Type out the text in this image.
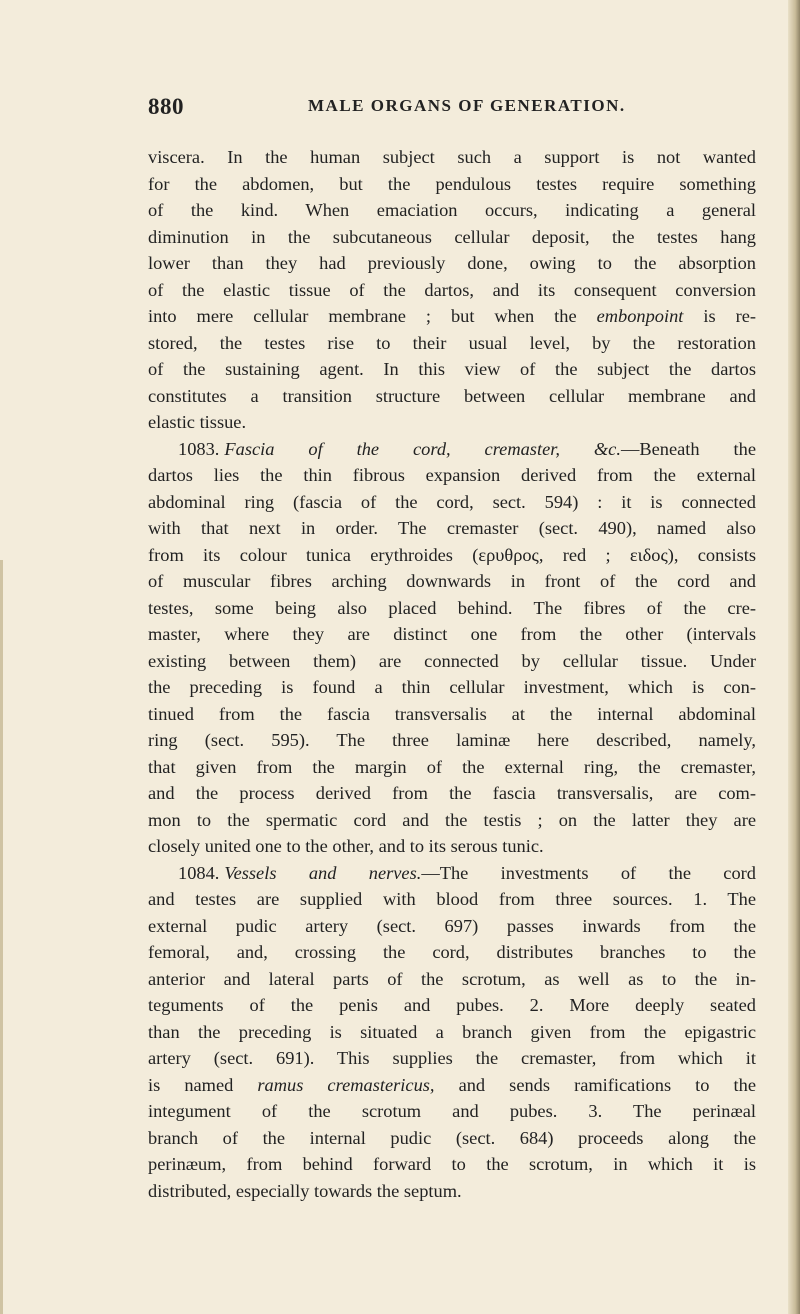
880	MALE ORGANS OF GENERATION.
viscera. In the human subject such a support is not wanted
for the abdomen, but the pendulous testes require something
of the kind. When emaciation occurs, indicating a general
diminution in the subcutaneous cellular deposit, the testes hang
lower than they had previously done, owing to the absorption
of the elastic tissue of the dartos, and its consequent conversion
into mere cellular membrane ; but when the embonpoint is re-
stored, the testes rise to their usual level, by the restoration
of the sustaining agent. In this view of the subject the dartos
constitutes a transition structure between cellular membrane and
elastic tissue.
1083. Fascia of the cord, cremaster, &c.—Beneath the
dartos lies the thin fibrous expansion derived from the external
abdominal ring (fascia of the cord, sect. 594) : it is connected
with that next in order. The cremaster (sect. 490), named also
from its colour tunica erythroides (ερυθρος, red ; ειδος), consists
of muscular fibres arching downwards in front of the cord and
testes, some being also placed behind. The fibres of the cre-
master, where they are distinct one from the other (intervals
existing between them) are connected by cellular tissue. Under
the preceding is found a thin cellular investment, which is con-
tinued from the fascia transversalis at the internal abdominal
ring (sect. 595). The three laminæ here described, namely,
that given from the margin of the external ring, the cremaster,
and the process derived from the fascia transversalis, are com-
mon to the spermatic cord and the testis ; on the latter they are
closely united one to the other, and to its serous tunic.
1084. Vessels and nerves.—The investments of the cord
and testes are supplied with blood from three sources. 1. The
external pudic artery (sect. 697) passes inwards from the
femoral, and, crossing the cord, distributes branches to the
anterior and lateral parts of the scrotum, as well as to the in-
teguments of the penis and pubes. 2. More deeply seated
than the preceding is situated a branch given from the epigastric
artery (sect. 691). This supplies the cremaster, from which it
is named ramus cremastericus, and sends ramifications to the
integument of the scrotum and pubes. 3. The perinæal
branch of the internal pudic (sect. 684) proceeds along the
perinæum, from behind forward to the scrotum, in which it is
distributed, especially towards the septum.
